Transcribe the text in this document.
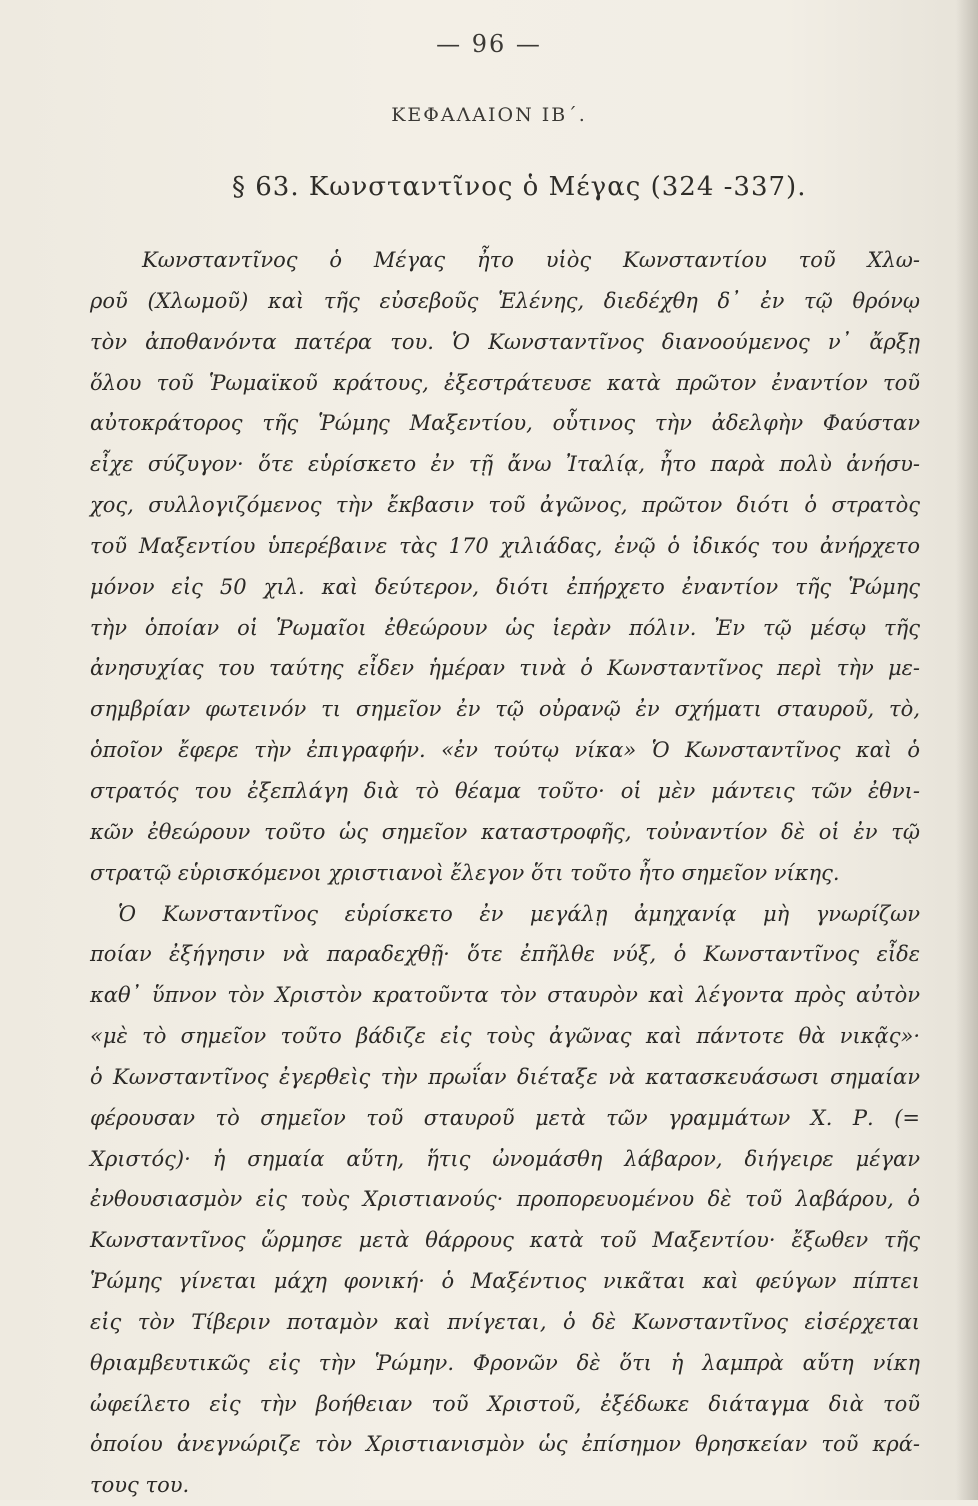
— 96 —
ΚΕΦΑΛΑΙΟΝ ΙΒ΄.
§ 63. Κωνσταντῖνος ὁ Μέγας (324 -337).
Κωνσταντῖνος ὁ Μέγας ἦτο υἱὸς Κωνσταντίου τοῦ Χλω-
ροῦ (Χλωμοῦ) καὶ τῆς εὐσεβοῦς Ἑλένης, διεδέχθη δ᾽ ἐν τῷ θρόνῳ
τὸν ἀποθανόντα πατέρα του. Ὁ Κωνσταντῖνος διανοούμενος ν᾽ ἄρξῃ
ὅλου τοῦ Ῥωμαϊκοῦ κράτους, ἐξεστράτευσε κατὰ πρῶτον ἐναντίον τοῦ
αὐτοκράτορος τῆς Ῥώμης Μαξεντίου, οὗτινος τὴν ἀδελφὴν Φαύσταν
εἶχε σύζυγον· ὅτε εὑρίσκετο ἐν τῇ ἄνω Ἰταλίᾳ, ἦτο παρὰ πολὺ ἀνήσυ-
χος, συλλογιζόμενος τὴν ἔκβασιν τοῦ ἀγῶνος, πρῶτον διότι ὁ στρατὸς
τοῦ Μαξεντίου ὑπερέβαινε τὰς 170 χιλιάδας, ἐνῷ ὁ ἰδικός του ἀνήρχετο
μόνον εἰς 50 χιλ. καὶ δεύτερον, διότι ἐπήρχετο ἐναντίον τῆς Ῥώμης
τὴν ὁποίαν οἱ Ῥωμαῖοι ἐθεώρουν ὡς ἱερὰν πόλιν. Ἐν τῷ μέσῳ τῆς
ἀνησυχίας του ταύτης εἶδεν ἡμέραν τινὰ ὁ Κωνσταντῖνος περὶ τὴν με-
σημβρίαν φωτεινόν τι σημεῖον ἐν τῷ οὐρανῷ ἐν σχήματι σταυροῦ, τὸ,
ὁποῖον ἔφερε τὴν ἐπιγραφήν. «ἐν τούτῳ νίκα» Ὁ Κωνσταντῖνος καὶ ὁ
στρατός του ἐξεπλάγη διὰ τὸ θέαμα τοῦτο· οἱ μὲν μάντεις τῶν ἐθνι-
κῶν ἐθεώρουν τοῦτο ὡς σημεῖον καταστροφῆς, τοὐναντίον δὲ οἱ ἐν τῷ
στρατῷ εὑρισκόμενοι χριστιανοὶ ἔλεγον ὅτι τοῦτο ἦτο σημεῖον νίκης.
Ὁ Κωνσταντῖνος εὑρίσκετο ἐν μεγάλῃ ἀμηχανίᾳ μὴ γνωρίζων
ποίαν ἐξήγησιν νὰ παραδεχθῇ· ὅτε ἐπῆλθε νύξ, ὁ Κωνσταντῖνος εἶδε
καθ᾽ ὕπνον τὸν Χριστὸν κρατοῦντα τὸν σταυρὸν καὶ λέγοντα πρὸς αὐτὸν
«μὲ τὸ σημεῖον τοῦτο βάδιζε εἰς τοὺς ἀγῶνας καὶ πάντοτε θὰ νικᾷς»·
ὁ Κωνσταντῖνος ἐγερθεὶς τὴν πρωΐαν διέταξε νὰ κατασκευάσωσι σημαίαν
φέρουσαν τὸ σημεῖον τοῦ σταυροῦ μετὰ τῶν γραμμάτων Χ. Ρ. (=
Χριστός)· ἡ σημαία αὕτη, ἥτις ὠνομάσθη λάβαρον, διήγειρε μέγαν
ἐνθουσιασμὸν εἰς τοὺς Χριστιανούς· προπορευομένου δὲ τοῦ λαβάρου, ὁ
Κωνσταντῖνος ὥρμησε μετὰ θάρρους κατὰ τοῦ Μαξεντίου· ἔξωθεν τῆς
Ῥώμης γίνεται μάχη φονική· ὁ Μαξέντιος νικᾶται καὶ φεύγων πίπτει
εἰς τὸν Τίβεριν ποταμὸν καὶ πνίγεται, ὁ δὲ Κωνσταντῖνος εἰσέρχεται
θριαμβευτικῶς εἰς τὴν Ῥώμην. Φρονῶν δὲ ὅτι ἡ λαμπρὰ αὕτη νίκη
ὠφείλετο εἰς τὴν βοήθειαν τοῦ Χριστοῦ, ἐξέδωκε διάταγμα διὰ τοῦ
ὁποίου ἀνεγνώριζε τὸν Χριστιανισμὸν ὡς ἐπίσημον θρησκείαν τοῦ κρά-
τους του.
